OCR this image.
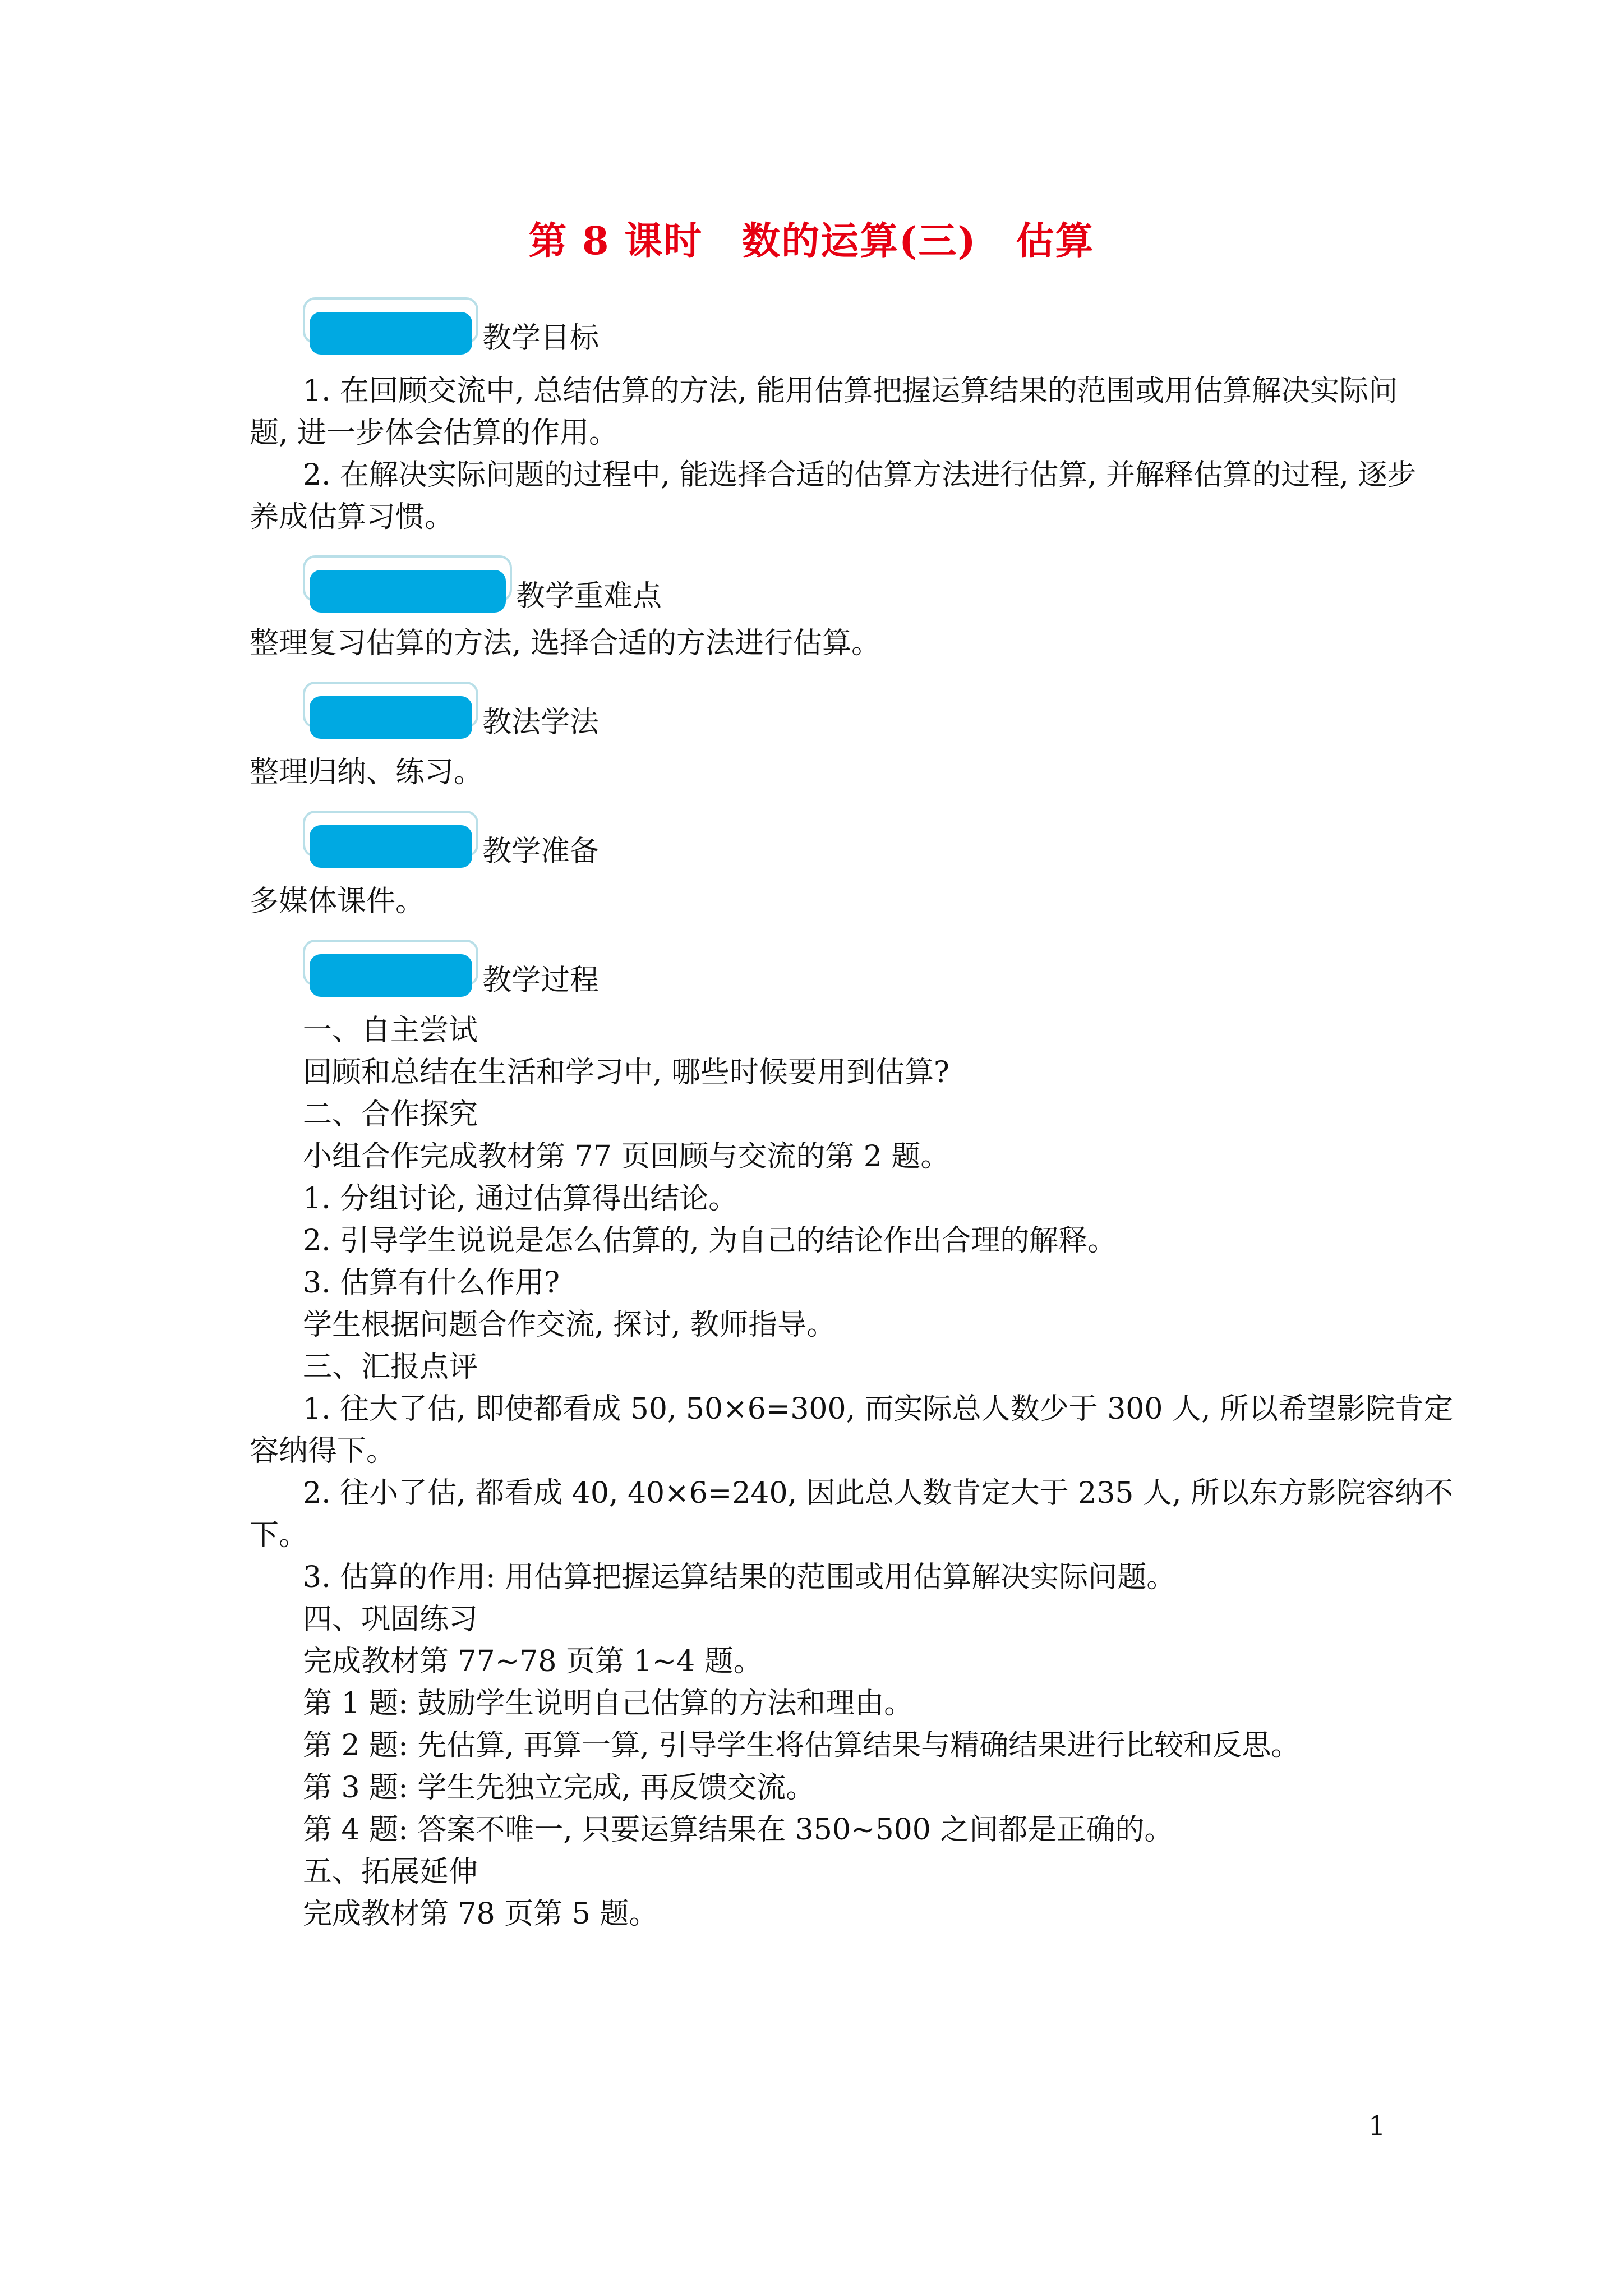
第 8 课时　数的运算(三)　估算
教学目标
1. 在回顾交流中, 总结估算的方法, 能用估算把握运算结果的范围或用估算解决实际问
题, 进一步体会估算的作用。
2. 在解决实际问题的过程中, 能选择合适的估算方法进行估算, 并解释估算的过程, 逐步
养成估算习惯。
教学重难点
整理复习估算的方法, 选择合适的方法进行估算。
教法学法
整理归纳、练习。
教学准备
多媒体课件。
教学过程
一、自主尝试
回顾和总结在生活和学习中, 哪些时候要用到估算?
二、合作探究
小组合作完成教材第 77 页回顾与交流的第 2 题。
1. 分组讨论, 通过估算得出结论。
2. 引导学生说说是怎么估算的, 为自己的结论作出合理的解释。
3. 估算有什么作用?
学生根据问题合作交流, 探讨, 教师指导。
三、汇报点评
1. 往大了估, 即使都看成 50, 50×6=300, 而实际总人数少于 300 人, 所以希望影院肯定
容纳得下。
2. 往小了估, 都看成 40, 40×6=240, 因此总人数肯定大于 235 人, 所以东方影院容纳不
下。
3. 估算的作用: 用估算把握运算结果的范围或用估算解决实际问题。
四、巩固练习
完成教材第 77~78 页第 1~4 题。
第 1 题: 鼓励学生说明自己估算的方法和理由。
第 2 题: 先估算, 再算一算, 引导学生将估算结果与精确结果进行比较和反思。
第 3 题: 学生先独立完成, 再反馈交流。
第 4 题: 答案不唯一, 只要运算结果在 350~500 之间都是正确的。
五、拓展延伸
完成教材第 78 页第 5 题。
1
